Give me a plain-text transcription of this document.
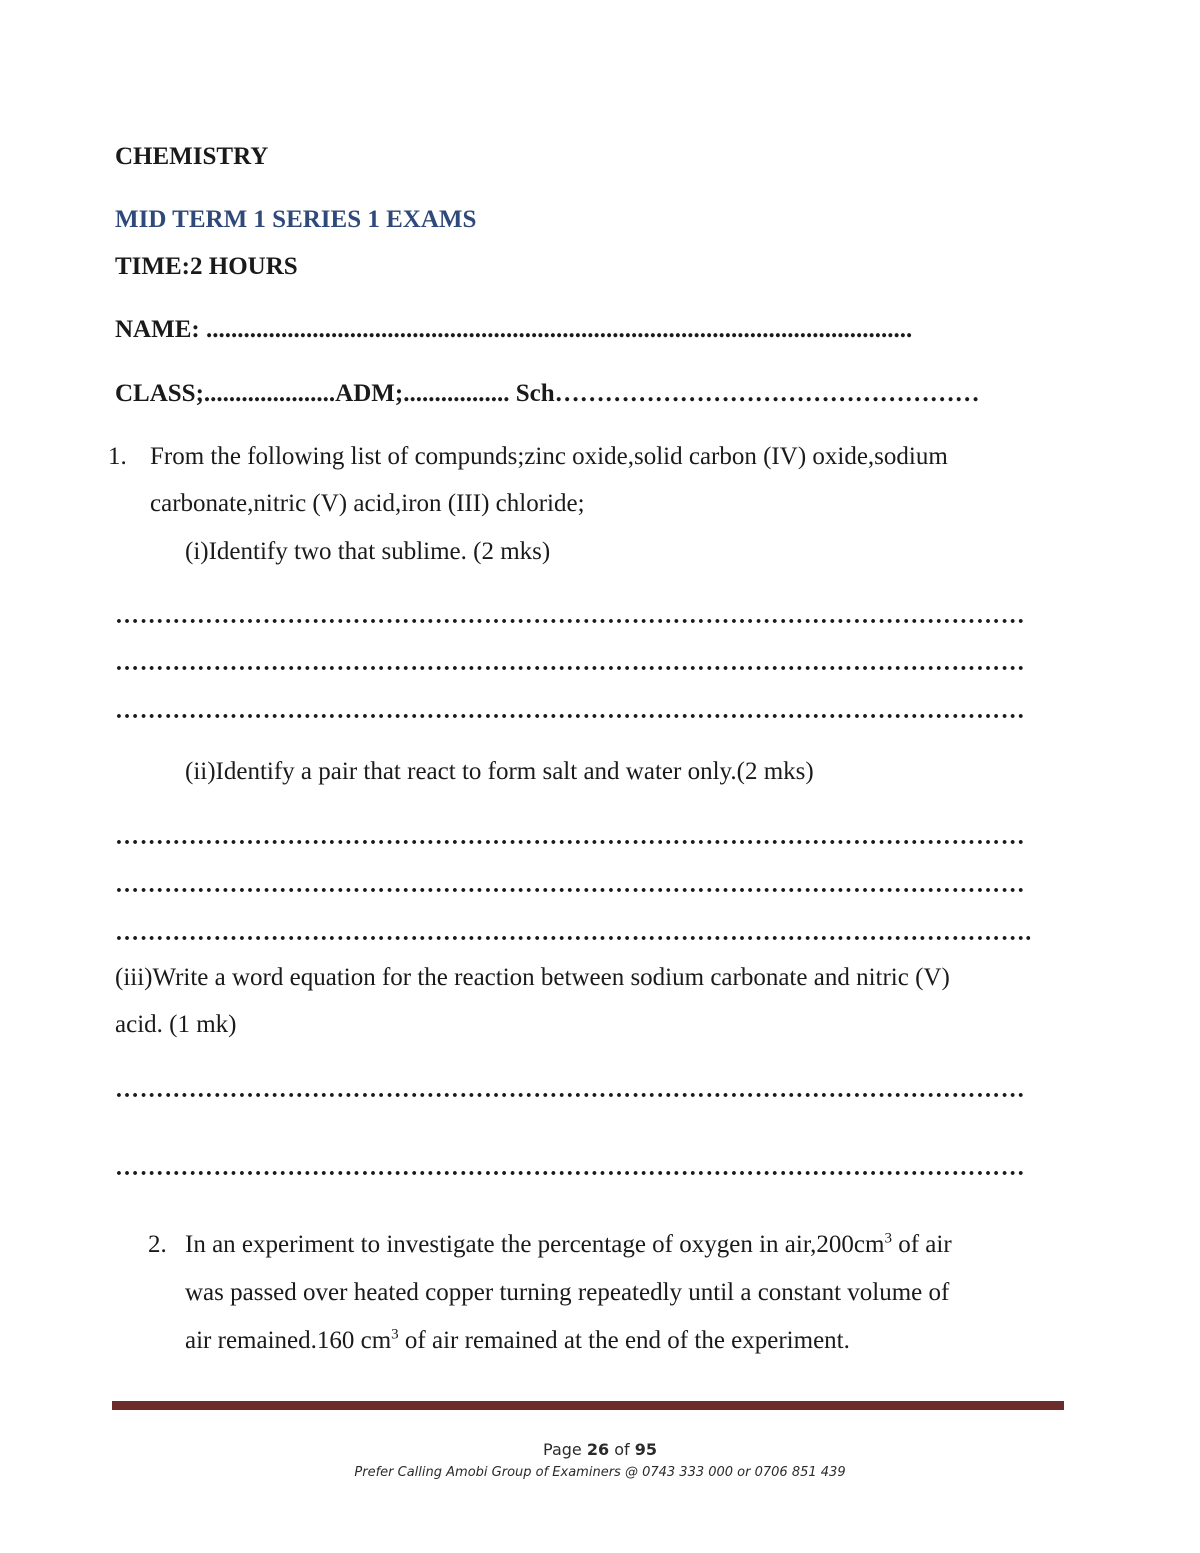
CHEMISTRY
MID TERM 1 SERIES 1 EXAMS
TIME:2 HOURS
NAME: .................................................................................................................
CLASS;.....................ADM;................. Sch……………………………………………
1. From the following list of compunds;zinc oxide,solid carbon (IV) oxide,sodium
carbonate,nitric (V) acid,iron (III) chloride;
(i)Identify two that sublime. (2 mks)
…………………………………………………………………………………………………
…………………………………………………………………………………………………
…………………………………………………………………………………………………
(ii)Identify a pair that react to form salt and water only.(2 mks)
…………………………………………………………………………………………………
…………………………………………………………………………………………………
………………………………………………………………………………………………….
(iii)Write a word equation for the reaction between sodium carbonate and nitric (V)
acid. (1 mk)
…………………………………………………………………………………………………
…………………………………………………………………………………………………
2. In an experiment to investigate the percentage of oxygen in $air,200cm^3$ of air
was passed over heated copper turning repeatedly until a constant volume of
air remained.160 $cm^3$ of air remained at the end of the experiment.
Page 26 of 95
Prefer Calling Amobi Group of Examiners @ 0743 333 000 or 0706 851 439
